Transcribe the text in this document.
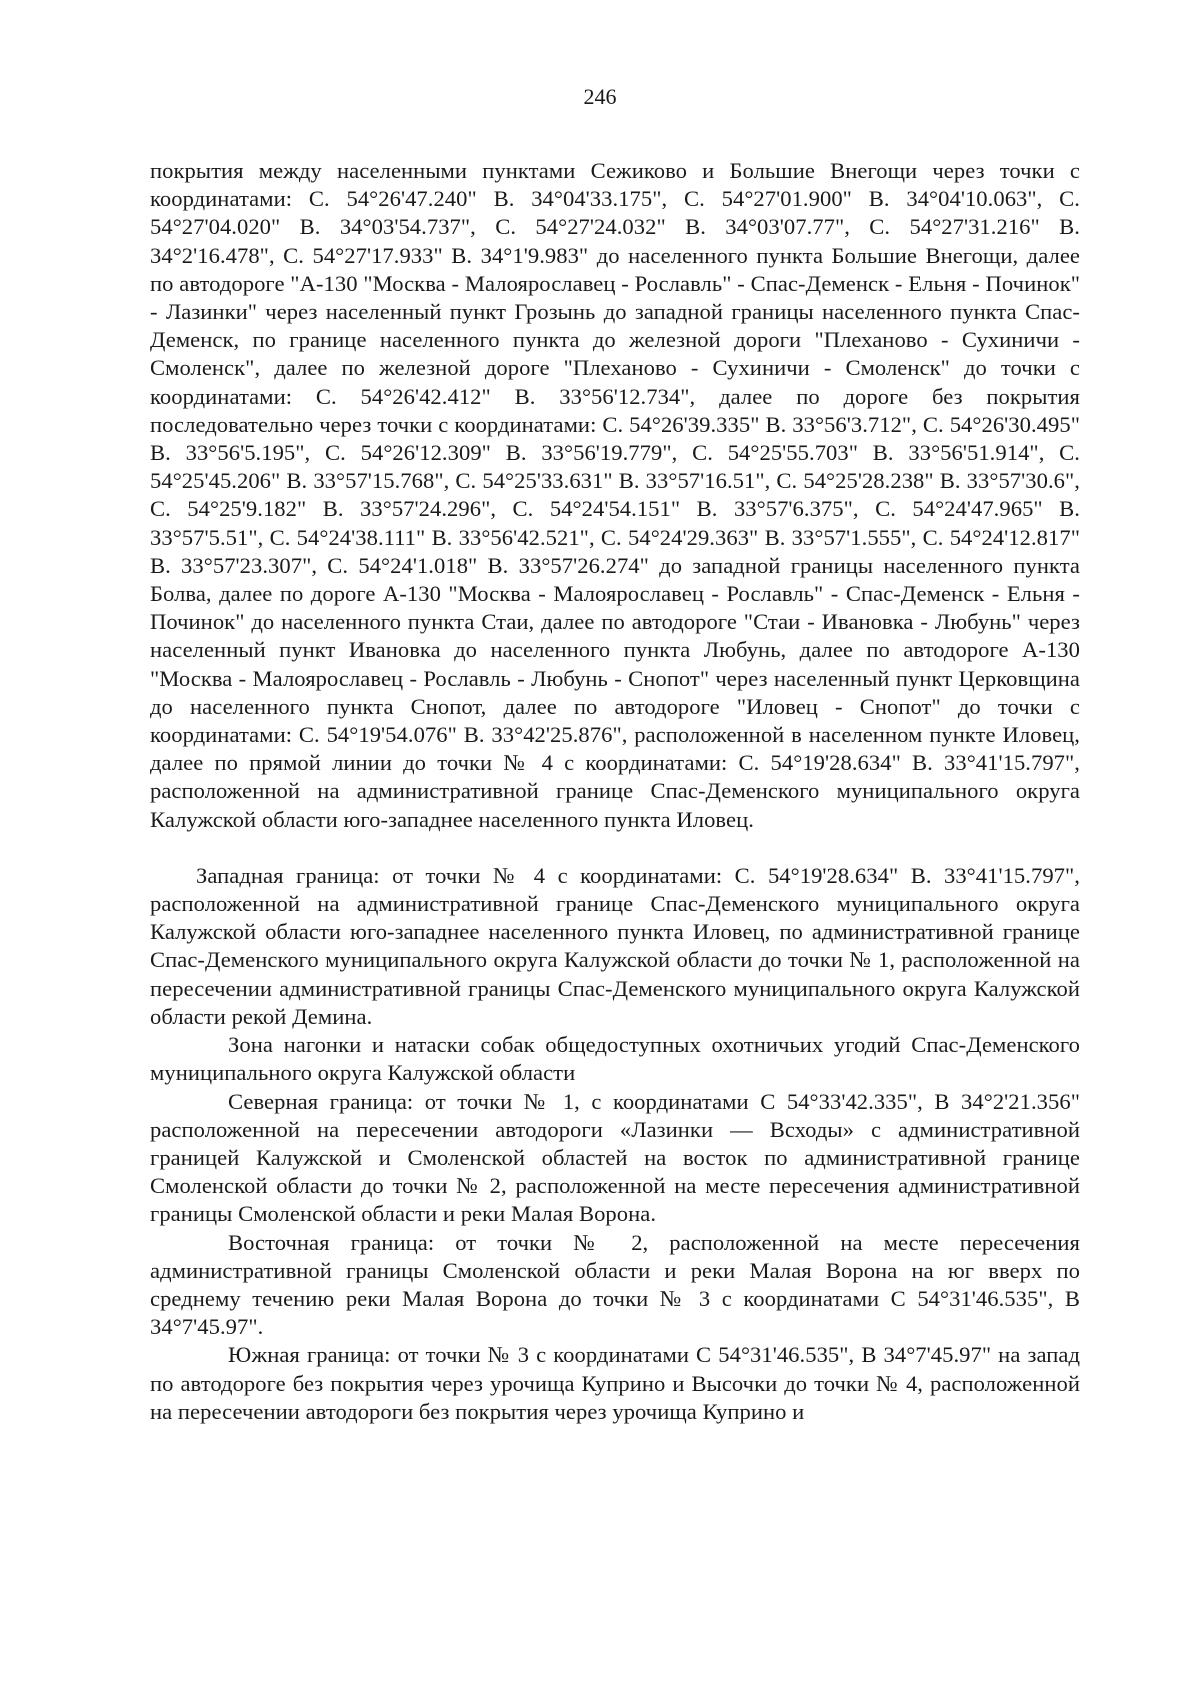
246

покрытия между населенными пунктами Сежиково и Большие Внегощи через точки с координатами: С. 54°26'47.240" В. 34°04'33.175", С. 54°27'01.900" В. 34°04'10.063", С. 54°27'04.020" В. 34°03'54.737", С. 54°27'24.032" В. 34°03'07.77", С. 54°27'31.216" В. 34°2'16.478", С. 54°27'17.933" В. 34°1'9.983" до населенного пункта Большие Внегощи, далее по автодороге "А-130 "Москва - Малоярославец - Рославль" - Спас-Деменск - Ельня - Починок" - Лазинки" через населенный пункт Грозынь до западной границы населенного пункта Спас-Деменск, по границе населенного пункта до железной дороги "Плеханово - Сухиничи - Смоленск", далее по железной дороге "Плеханово - Сухиничи - Смоленск" до точки с координатами: С. 54°26'42.412" В. 33°56'12.734", далее по дороге без покрытия последовательно через точки с координатами: С. 54°26'39.335" В. 33°56'3.712", С. 54°26'30.495" В. 33°56'5.195", С. 54°26'12.309" В. 33°56'19.779", С. 54°25'55.703" В. 33°56'51.914", С. 54°25'45.206" В. 33°57'15.768", С. 54°25'33.631" В. 33°57'16.51", С. 54°25'28.238" В. 33°57'30.6", С. 54°25'9.182" В. 33°57'24.296", С. 54°24'54.151" В. 33°57'6.375", С. 54°24'47.965" В. 33°57'5.51", С. 54°24'38.111" В. 33°56'42.521", С. 54°24'29.363" В. 33°57'1.555", С. 54°24'12.817" В. 33°57'23.307", С. 54°24'1.018" В. 33°57'26.274" до западной границы населенного пункта Болва, далее по дороге А-130 "Москва - Малоярославец - Рославль" - Спас-Деменск - Ельня - Починок" до населенного пункта Стаи, далее по автодороге "Стаи - Ивановка - Любунь" через населенный пункт Ивановка до населенного пункта Любунь, далее по автодороге А-130 "Москва - Малоярославец - Рославль - Любунь - Снопот" через населенный пункт Церковщина до населенного пункта Снопот, далее по автодороге "Иловец - Снопот" до точки с координатами: С. 54°19'54.076" В. 33°42'25.876", расположенной в населенном пункте Иловец, далее по прямой линии до точки № 4 с координатами: С. 54°19'28.634" В. 33°41'15.797", расположенной на административной границе Спас-Деменского муниципального округа Калужской области юго-западнее населенного пункта Иловец.

Западная граница: от точки № 4 с координатами: С. 54°19'28.634" В. 33°41'15.797", расположенной на административной границе Спас-Деменского муниципального округа Калужской области юго-западнее населенного пункта Иловец, по административной границе Спас-Деменского муниципального округа Калужской области до точки № 1, расположенной на пересечении административной границы Спас-Деменского муниципального округа Калужской области рекой Демина.

Зона нагонки и натаски собак общедоступных охотничьих угодий Спас-Деменского муниципального округа Калужской области

Северная граница: от точки № 1, с координатами С 54°33'42.335", В 34°2'21.356" расположенной на пересечении автодороги «Лазинки — Всходы» с административной границей Калужской и Смоленской областей на восток по административной границе Смоленской области до точки № 2, расположенной на месте пересечения административной границы Смоленской области и реки Малая Ворона.

Восточная граница: от точки № 2, расположенной на месте пересечения административной границы Смоленской области и реки Малая Ворона на юг вверх по среднему течению реки Малая Ворона до точки № 3 с координатами С 54°31'46.535", В 34°7'45.97".

Южная граница: от точки № 3 с координатами С 54°31'46.535", В 34°7'45.97" на запад по автодороге без покрытия через урочища Куприно и Высочки до точки № 4, расположенной на пересечении автодороги без покрытия через урочища Куприно и
